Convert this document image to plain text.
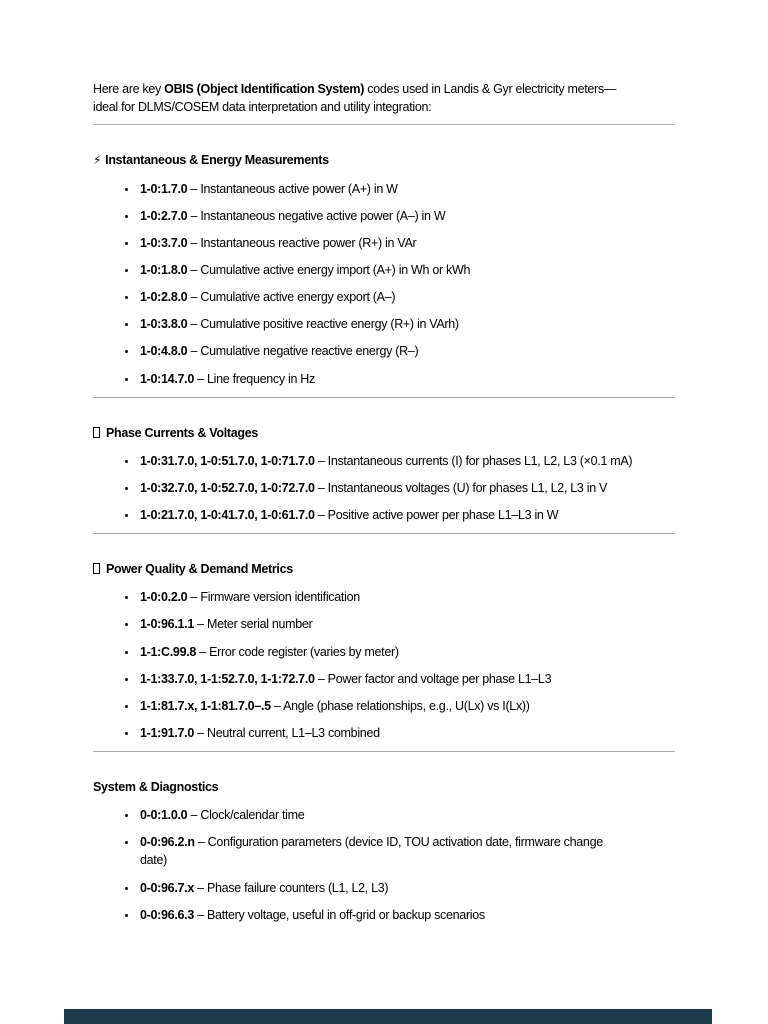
Here are key OBIS (Object Identification System) codes used in Landis & Gyr electricity meters—
ideal for DLMS/COSEM data interpretation and utility integration:

⚡ Instantaneous & Energy Measurements
• 1-0:1.7.0 – Instantaneous active power (A+) in W
• 1-0:2.7.0 – Instantaneous negative active power (A–) in W
• 1-0:3.7.0 – Instantaneous reactive power (R+) in VAr
• 1-0:1.8.0 – Cumulative active energy import (A+) in Wh or kWh
• 1-0:2.8.0 – Cumulative active energy export (A–)
• 1-0:3.8.0 – Cumulative positive reactive energy (R+) in VArh)
• 1-0:4.8.0 – Cumulative negative reactive energy (R–)
• 1-0:14.7.0 – Line frequency in Hz
Phase Currents & Voltages
• 1-0:31.7.0, 1-0:51.7.0, 1-0:71.7.0 – Instantaneous currents (I) for phases L1, L2, L3 (×0.1 mA)
• 1-0:32.7.0, 1-0:52.7.0, 1-0:72.7.0 – Instantaneous voltages (U) for phases L1, L2, L3 in V
• 1-0:21.7.0, 1-0:41.7.0, 1-0:61.7.0 – Positive active power per phase L1–L3 in W
Power Quality & Demand Metrics
• 1-0:0.2.0 – Firmware version identification
• 1-0:96.1.1 – Meter serial number
• 1-1:C.99.8 – Error code register (varies by meter)
• 1-1:33.7.0, 1-1:52.7.0, 1-1:72.7.0 – Power factor and voltage per phase L1–L3
• 1-1:81.7.x, 1-1:81.7.0–.5 – Angle (phase relationships, e.g., U(Lx) vs I(Lx))
• 1-1:91.7.0 – Neutral current, L1–L3 combined
System & Diagnostics
• 0-0:1.0.0 – Clock/calendar time
• 0-0:96.2.n – Configuration parameters (device ID, TOU activation date, firmware change
date)
• 0-0:96.7.x – Phase failure counters (L1, L2, L3)
• 0-0:96.6.3 – Battery voltage, useful in off-grid or backup scenarios
